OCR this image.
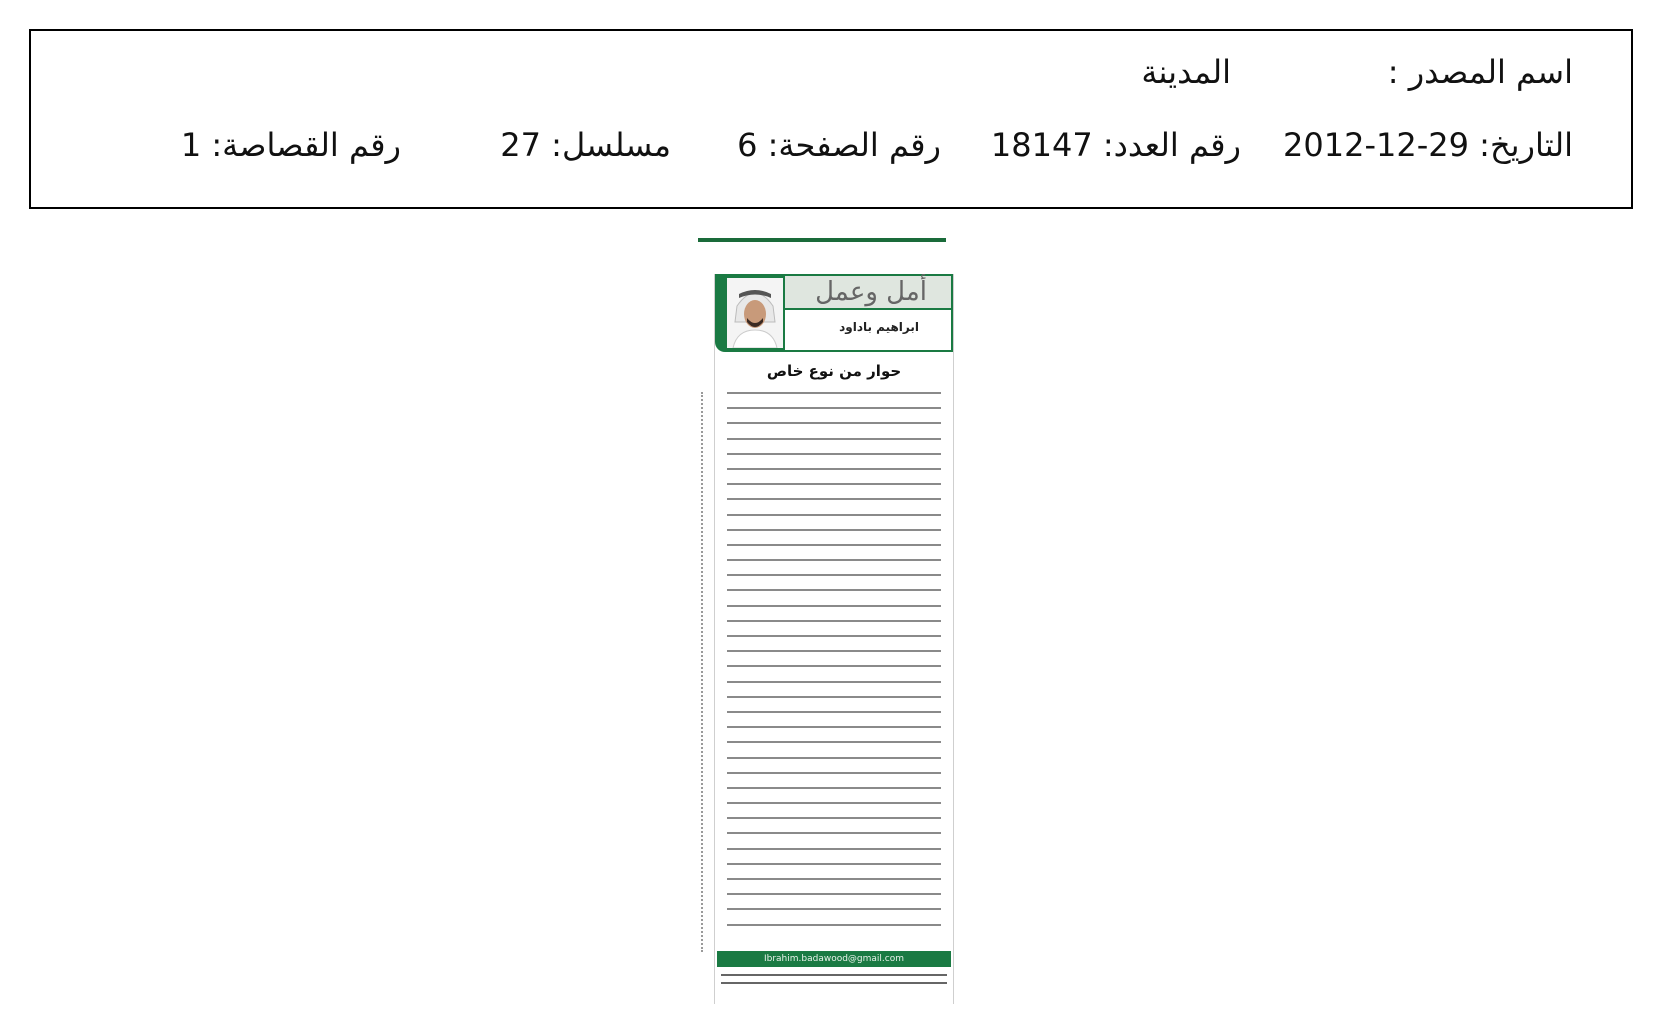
اسم المصدر :
المدينة
التاريخ: 29-12-2012
رقم العدد: 18147
رقم الصفحة: 6
مسلسل: 27
رقم القصاصة: 1
أمل وعمل
ابراهيم باداود
حوار من نوع خاص
Ibrahim.badawood@gmail.com
